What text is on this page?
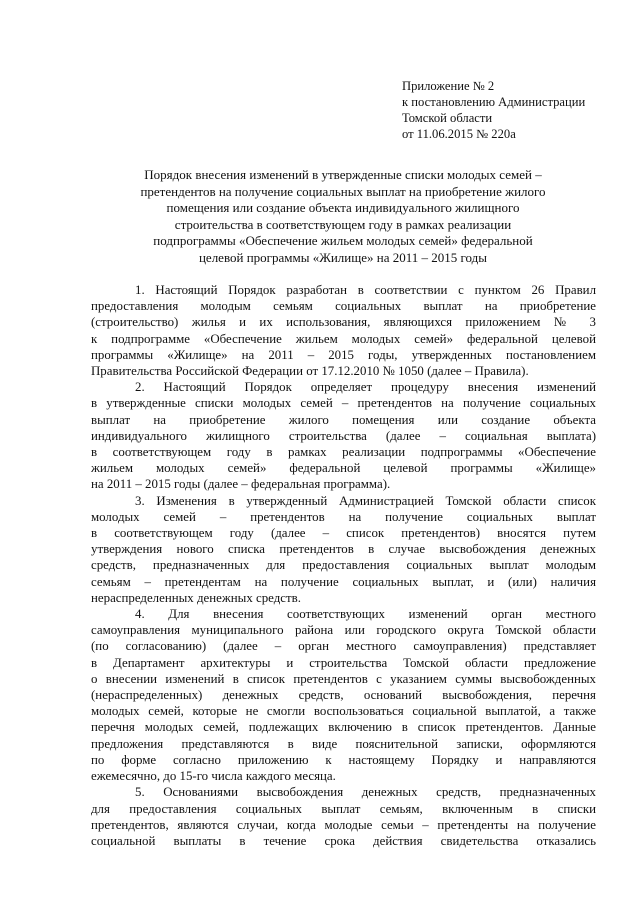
Приложение № 2
к постановлению Администрации
Томской области
от 11.06.2015 № 220а
Порядок внесения изменений в утвержденные списки молодых семей –
претендентов на получение социальных выплат на приобретение жилого
помещения или создание объекта индивидуального жилищного
строительства в соответствующем году в рамках реализации
подпрограммы «Обеспечение жильем молодых семей» федеральной
целевой программы «Жилище» на 2011 – 2015 годы

1. Настоящий Порядок разработан в соответствии с пунктом 26 Правил
предоставления молодым семьям социальных выплат на приобретение
(строительство) жилья и их использования, являющихся приложением № 3
к подпрограмме «Обеспечение жильем молодых семей» федеральной целевой
программы «Жилище» на 2011 – 2015 годы, утвержденных постановлением
Правительства Российской Федерации от 17.12.2010 № 1050 (далее – Правила).

2. Настоящий Порядок определяет процедуру внесения изменений
в утвержденные списки молодых семей – претендентов на получение социальных
выплат на приобретение жилого помещения или создание объекта
индивидуального жилищного строительства (далее – социальная выплата)
в соответствующем году в рамках реализации подпрограммы «Обеспечение
жильем молодых семей» федеральной целевой программы «Жилище»
на 2011 – 2015 годы (далее – федеральная программа).

3. Изменения в утвержденный Администрацией Томской области список
молодых семей – претендентов на получение социальных выплат
в соответствующем году (далее – список претендентов) вносятся путем
утверждения нового списка претендентов в случае высвобождения денежных
средств, предназначенных для предоставления социальных выплат молодым
семьям – претендентам на получение социальных выплат, и (или) наличия
нераспределенных денежных средств.

4. Для внесения соответствующих изменений орган местного
самоуправления муниципального района или городского округа Томской области
(по согласованию) (далее – орган местного самоуправления) представляет
в Департамент архитектуры и строительства Томской области предложение
о внесении изменений в список претендентов с указанием суммы высвобожденных
(нераспределенных) денежных средств, оснований высвобождения, перечня
молодых семей, которые не смогли воспользоваться социальной выплатой, а также
перечня молодых семей, подлежащих включению в список претендентов. Данные
предложения представляются в виде пояснительной записки, оформляются
по форме согласно приложению к настоящему Порядку и направляются
ежемесячно, до 15-го числа каждого месяца.

5. Основаниями высвобождения денежных средств, предназначенных
для предоставления социальных выплат семьям, включенным в списки
претендентов, являются случаи, когда молодые семьи – претенденты на получение
социальной выплаты в течение срока действия свидетельства отказались
